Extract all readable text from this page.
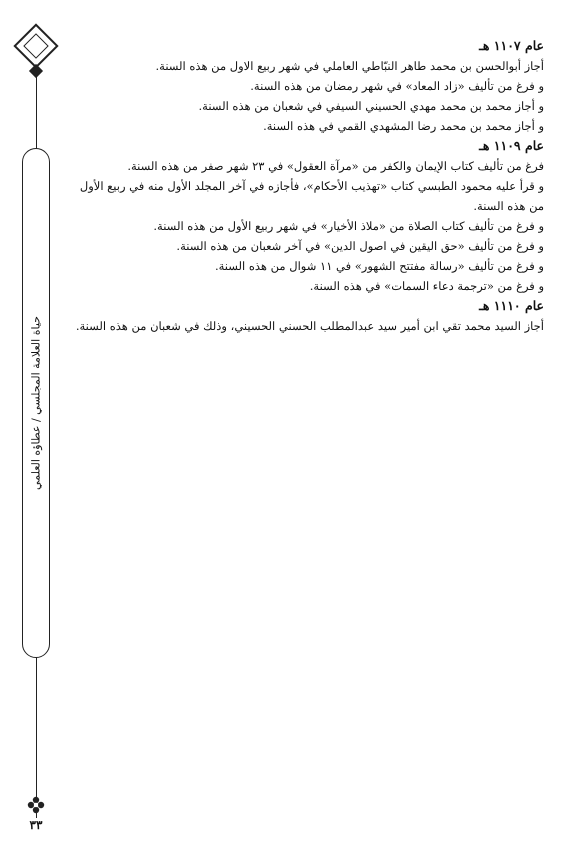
حياة العلامة المجلسي / عطاؤه العلمي
٣٣
عام ١١٠٧ هـ

أجاز أبوالحسن بن محمد طاهر النبّاطي العاملي في شهر ربيع الاول من هذه السنة.

و فرغ من تأليف «زاد المعاد» في شهر رمضان من هذه السنة.

و أجاز محمد بن محمد مهدي الحسيني السيفي في شعبان من هذه السنة.

و أجاز محمد بن محمد رضا المشهدي القمي في هذه السنة.

عام ١١٠٩ هـ

فرغ من تأليف كتاب الإيمان والكفر من «مرآة العقول» في ٢٣ شهر صفر من هذه السنة.

و قرأ عليه محمود الطبسي كتاب «تهذيب الأحكام»، فأجازه في آخر المجلد الأول منه في ربيع الأول من هذه السنة.

و فرغ من تأليف كتاب الصلاة من «ملاذ الأخيار» في شهر ربيع الأول من هذه السنة.

و فرغ من تأليف «حق اليقين في اصول الدين» في آخر شعبان من هذه السنة.

و فرغ من تأليف «رسالة مفتتح الشهور» في ١١ شوال من هذه السنة.

و فرغ من «ترجمة دعاء السمات» في هذه السنة.

عام ١١١٠ هـ

أجاز السيد محمد تقي ابن أمير سيد عبدالمطلب الحسني الحسيني، وذلك في شعبان من هذه السنة.
